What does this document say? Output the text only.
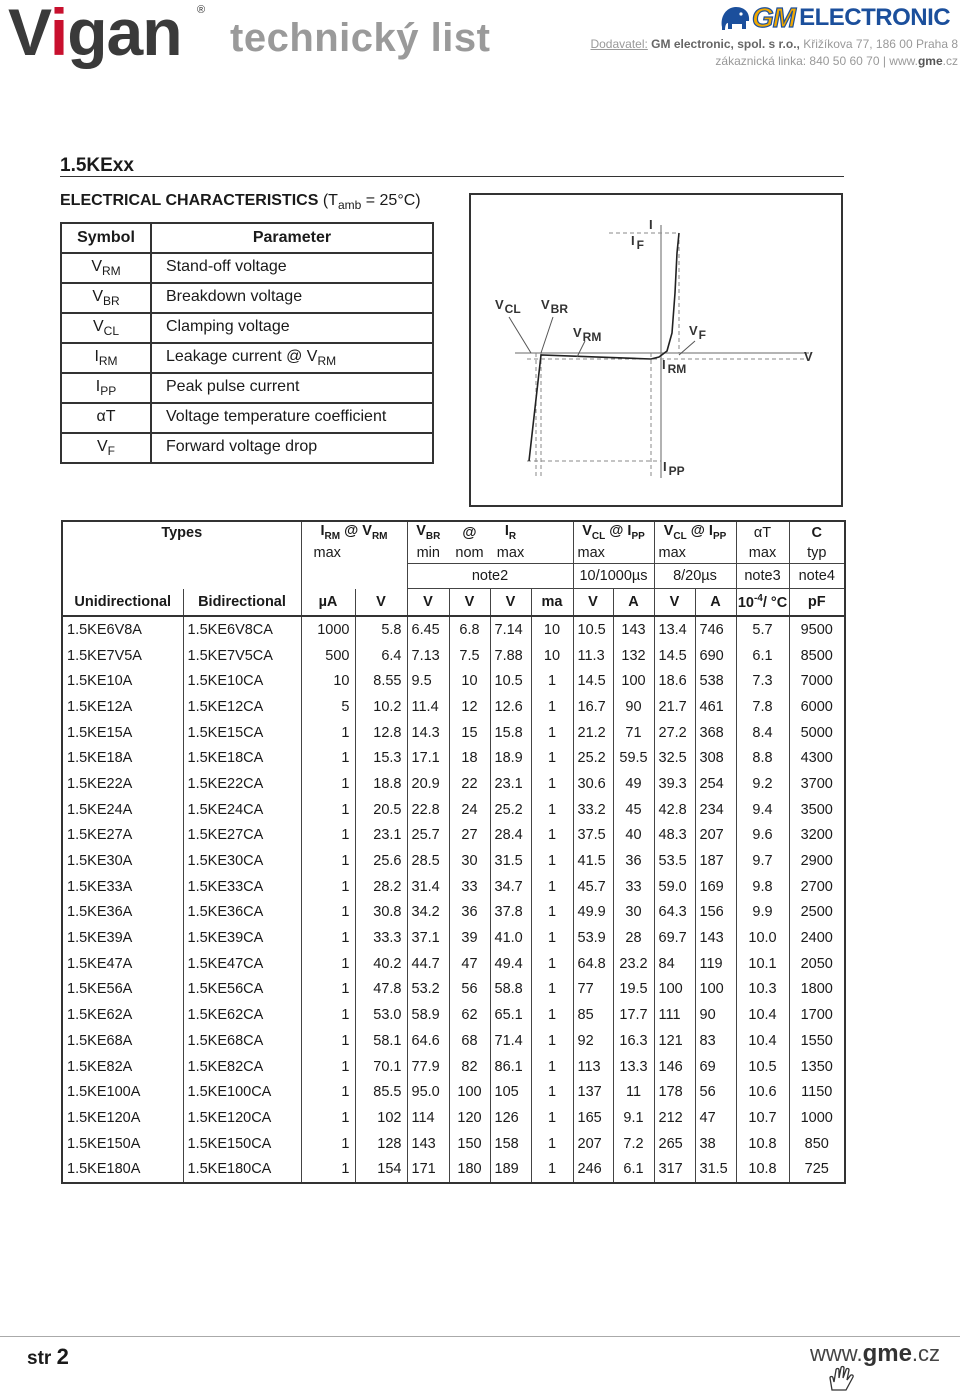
Vigan ®
technický list	GM ELECTRONIC
Dodavatel: GM electronic, spol. s r.o., Křižíkova 77, 186 00 Praha 8
zákaznická linka: 840 50 60 70 | www.gme.cz
1.5KExx
ELECTRICAL CHARACTERISTICS $(T_{amb} = 25^\circ C)$
Symbol	Parameter
$V_{RM}$	Stand-off voltage
$V_{BR}$	Breakdown voltage
$V_{CL}$	Clamping voltage
$I_{RM}$	Leakage current @ $V_{RM}$
$I_{PP}$	Peak pulse current
αT	Voltage temperature coefficient
$V_F$	Forward voltage drop
I
I F
VCL VBR
VRM	VF
V
I RM
I PP
Types		$I_{RM}$ @ $V_{RM}$		$V_{BR}$	@	$I_R$		$V_{CL}$ @ $I_{PP}$		$V_{CL}$ @ $I_{PP}$		αT	C
		max		min	nom	max		max		max		max	typ
				note2				10/1000µs		8/20µs		note3	note4
Unidirectional	Bidirectional	µA	V	V	V	V	ma	V	A	V	A	$10^{-4}/$ °C	pF
1.5KE6V8A	1.5KE6V8CA	1000	5.8	6.45	6.8	7.14	10	10.5	143	13.4	746	5.7	9500
1.5KE7V5A	1.5KE7V5CA	500	6.4	7.13	7.5	7.88	10	11.3	132	14.5	690	6.1	8500
1.5KE10A	1.5KE10CA	10	8.55	9.5	10	10.5	1	14.5	100	18.6	538	7.3	7000
1.5KE12A	1.5KE12CA	5	10.2	11.4	12	12.6	1	16.7	90	21.7	461	7.8	6000
1.5KE15A	1.5KE15CA	1	12.8	14.3	15	15.8	1	21.2	71	27.2	368	8.4	5000
1.5KE18A	1.5KE18CA	1	15.3	17.1	18	18.9	1	25.2	59.5	32.5	308	8.8	4300
1.5KE22A	1.5KE22CA	1	18.8	20.9	22	23.1	1	30.6	49	39.3	254	9.2	3700
1.5KE24A	1.5KE24CA	1	20.5	22.8	24	25.2	1	33.2	45	42.8	234	9.4	3500
1.5KE27A	1.5KE27CA	1	23.1	25.7	27	28.4	1	37.5	40	48.3	207	9.6	3200
1.5KE30A	1.5KE30CA	1	25.6	28.5	30	31.5	1	41.5	36	53.5	187	9.7	2900
1.5KE33A	1.5KE33CA	1	28.2	31.4	33	34.7	1	45.7	33	59.0	169	9.8	2700
1.5KE36A	1.5KE36CA	1	30.8	34.2	36	37.8	1	49.9	30	64.3	156	9.9	2500
1.5KE39A	1.5KE39CA	1	33.3	37.1	39	41.0	1	53.9	28	69.7	143	10.0	2400
1.5KE47A	1.5KE47CA	1	40.2	44.7	47	49.4	1	64.8	23.2	84	119	10.1	2050
1.5KE56A	1.5KE56CA	1	47.8	53.2	56	58.8	1	77	19.5	100	100	10.3	1800
1.5KE62A	1.5KE62CA	1	53.0	58.9	62	65.1	1	85	17.7	111	90	10.4	1700
1.5KE68A	1.5KE68CA	1	58.1	64.6	68	71.4	1	92	16.3	121	83	10.4	1550
1.5KE82A	1.5KE82CA	1	70.1	77.9	82	86.1	1	113	13.3	146	69	10.5	1350
1.5KE100A	1.5KE100CA	1	85.5	95.0	100	105	1	137	11	178	56	10.6	1150
1.5KE120A	1.5KE120CA	1	102	114	120	126	1	165	9.1	212	47	10.7	1000
1.5KE150A	1.5KE150CA	1	128	143	150	158	1	207	7.2	265	38	10.8	850
1.5KE180A	1.5KE180CA	1	154	171	180	189	1	246	6.1	317	31.5	10.8	725
str 2	www.gme.cz
